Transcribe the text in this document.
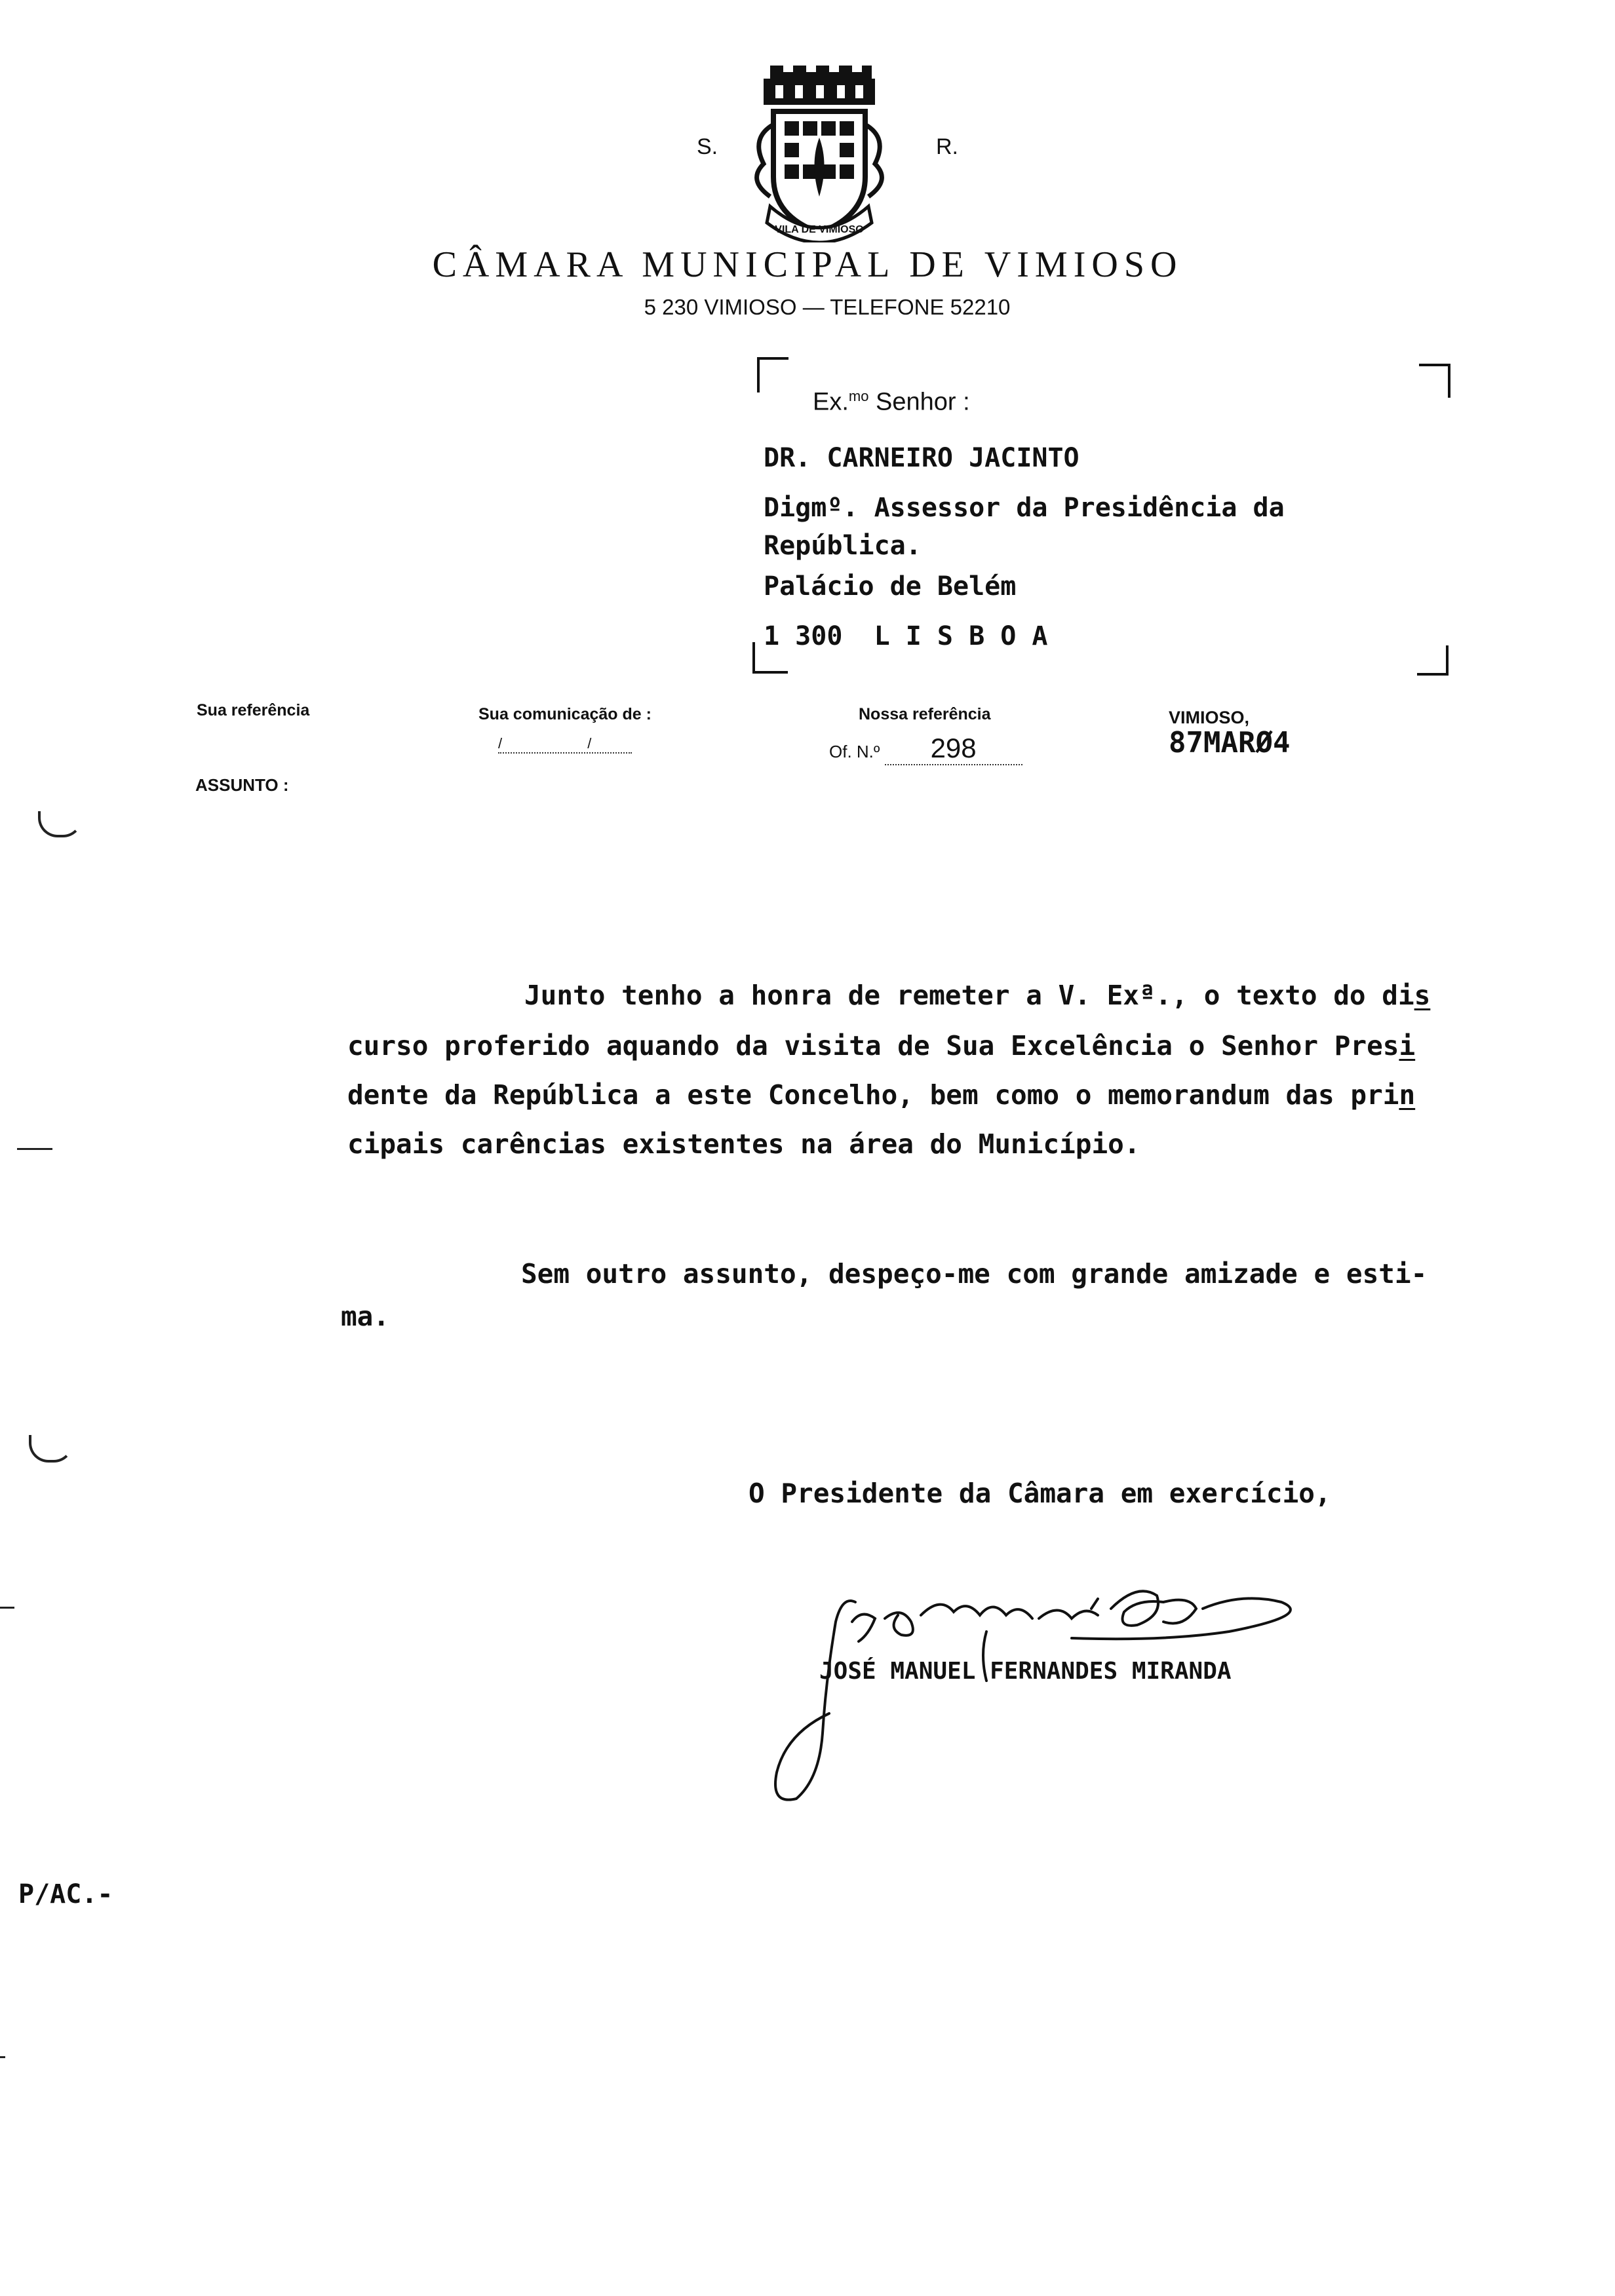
VILA DE VIMIOSO
S.	R.
CÂMARA MUNICIPAL DE VIMIOSO
5 230 VIMIOSO — TELEFONE 52210
Ex.$^{mo}$ Senhor :
DR. CARNEIRO JACINTO
Digmº. Assessor da Presidência da
República.
Palácio de Belém
1 300  L I S B O A
Sua referência	Sua comunicação de :
/ /
Nossa referência
Of. N.º 298
VIMIOSO,
87MARØ4
ASSUNTO :
Junto tenho a honra de remeter a V. Exª., o texto do dis
curso proferido aquando da visita de Sua Excelência o Senhor Presi
dente da República a este Concelho, bem como o memorandum das prin
cipais carências existentes na área do Município.
Sem outro assunto, despeço-me com grande amizade e esti-
ma.
O Presidente da Câmara em exercício,
JOSÉ MANUEL FERNANDES MIRANDA
P/AC.-
